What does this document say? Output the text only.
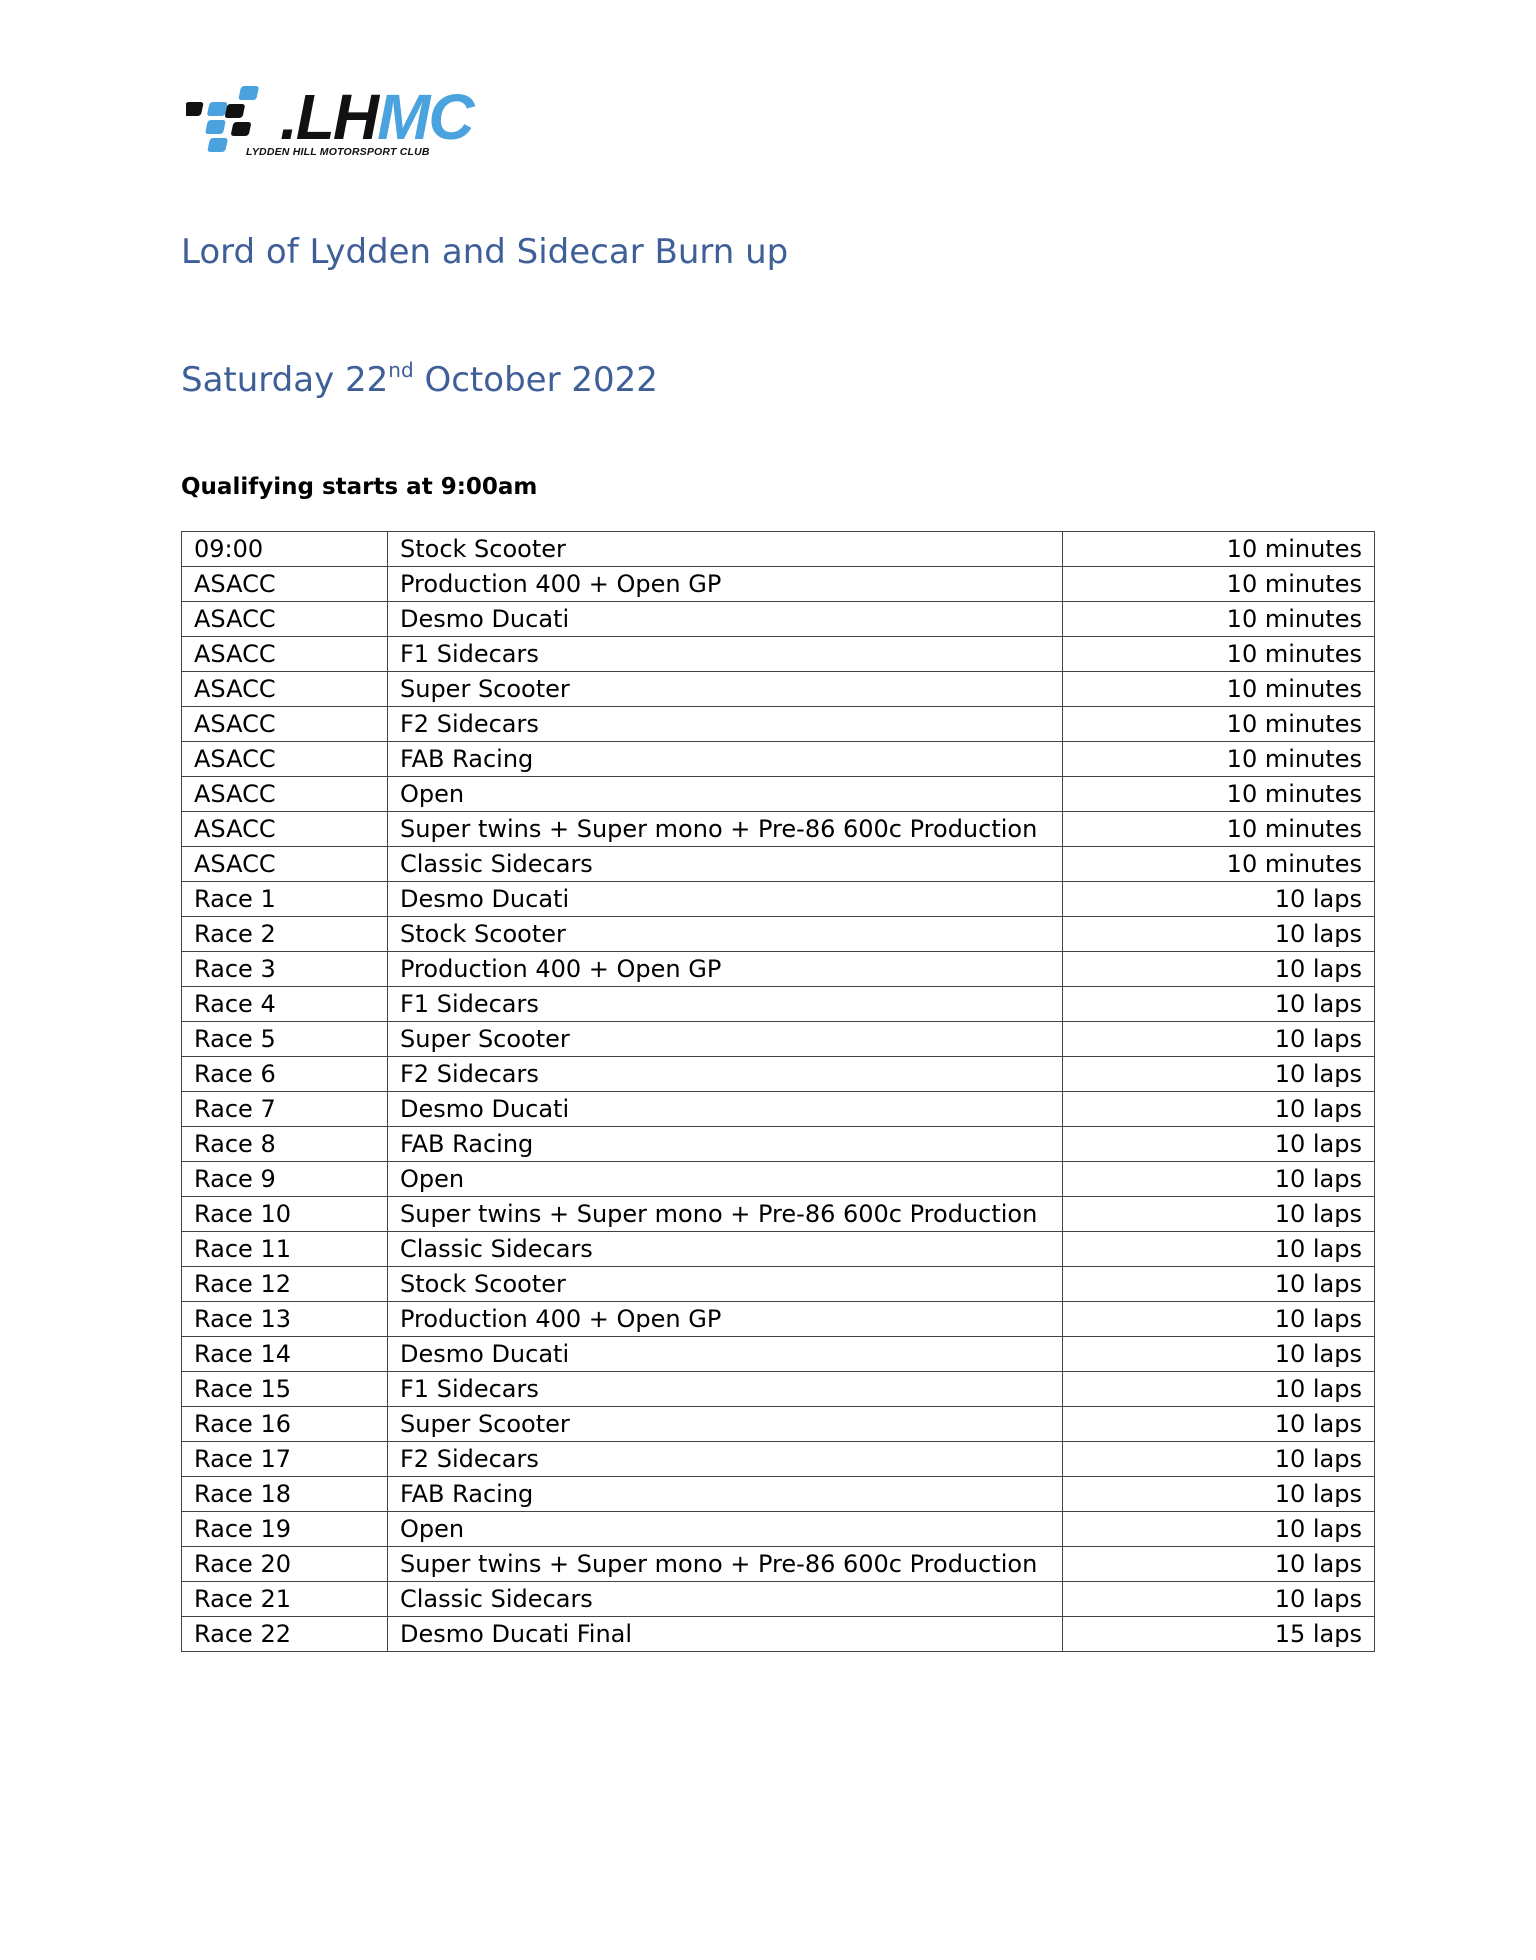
.LHMC
LYDDEN HILL MOTORSPORT CLUB
Lord of Lydden and Sidecar Burn up
Saturday 22nd October 2022
Qualifying starts at 9:00am
09:00	Stock Scooter	10 minutes
ASACC	Production 400 + Open GP	10 minutes
ASACC	Desmo Ducati	10 minutes
ASACC	F1 Sidecars	10 minutes
ASACC	Super Scooter	10 minutes
ASACC	F2 Sidecars	10 minutes
ASACC	FAB Racing	10 minutes
ASACC	Open	10 minutes
ASACC	Super twins + Super mono + Pre-86 600c Production	10 minutes
ASACC	Classic Sidecars	10 minutes
Race 1	Desmo Ducati	10 laps
Race 2	Stock Scooter	10 laps
Race 3	Production 400 + Open GP	10 laps
Race 4	F1 Sidecars	10 laps
Race 5	Super Scooter	10 laps
Race 6	F2 Sidecars	10 laps
Race 7	Desmo Ducati	10 laps
Race 8	FAB Racing	10 laps
Race 9	Open	10 laps
Race 10	Super twins + Super mono + Pre-86 600c Production	10 laps
Race 11	Classic Sidecars	10 laps
Race 12	Stock Scooter	10 laps
Race 13	Production 400 + Open GP	10 laps
Race 14	Desmo Ducati	10 laps
Race 15	F1 Sidecars	10 laps
Race 16	Super Scooter	10 laps
Race 17	F2 Sidecars	10 laps
Race 18	FAB Racing	10 laps
Race 19	Open	10 laps
Race 20	Super twins + Super mono + Pre-86 600c Production	10 laps
Race 21	Classic Sidecars	10 laps
Race 22	Desmo Ducati Final	15 laps
